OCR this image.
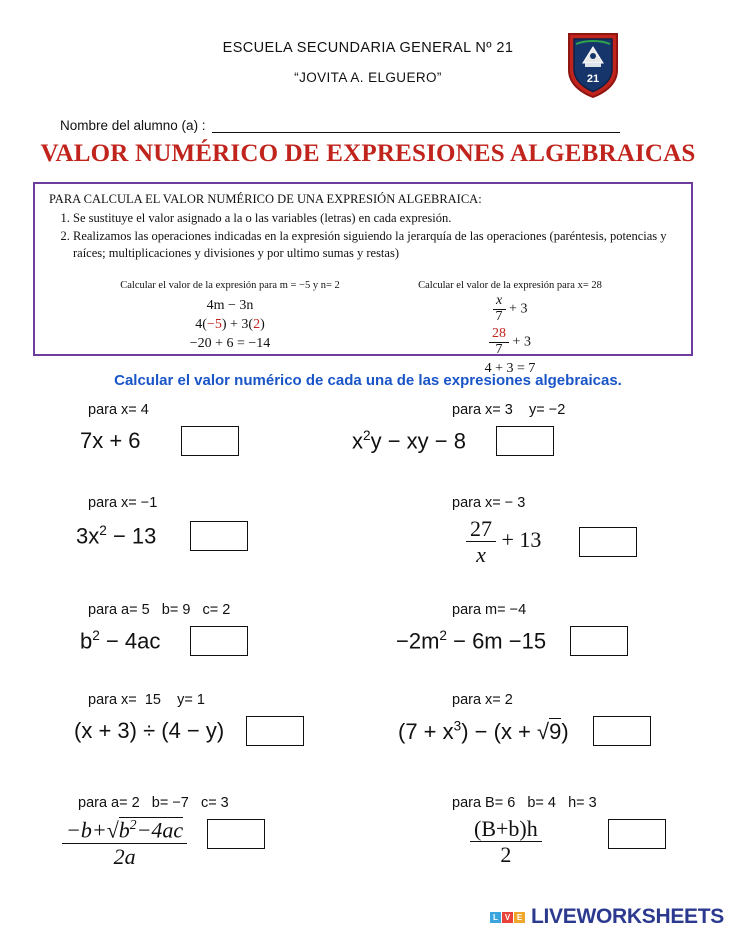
ESCUELA SECUNDARIA GENERAL Nº 21
“JOVITA A. ELGUERO”	21
Nombre del alumno (a) :
VALOR NUMÉRICO DE EXPRESIONES ALGEBRAICAS
PARA CALCULA EL VALOR NUMÉRICO DE UNA EXPRESIÓN ALGEBRAICA:
1. Se sustituye el valor asignado a la o las variables (letras) en cada expresión.
2. Realizamos las operaciones indicadas en la expresión siguiendo la jerarquía de las operaciones (paréntesis, potencias y raíces; multiplicaciones y divisiones y por ultimo sumas y restas)
Calcular el valor de la expresión para m = −5 y n= 2
4m − 3n
4(−5) + 3(2)
−20 + 6 = −14
Calcular el valor de la expresión para x= 28
$\frac{x}{7} + 3$
$\frac{28}{7} + 3$
4 + 3 = 7
Calcular el valor numérico de cada una de las expresiones algebraicas.
para x= 4
7x + 6
para x= 3    y= −2
$x^2y$ − xy − 8
para x= −1
$3x^2 - 13$
para x= − 3
$\frac{27}{x} + 13$
para a= 5   b= 9   c= 2
$b^2 - 4ac$
para m= −4
$-2m^2 - 6m -15$
para x=  15    y= 1
(x + 3) ÷ (4 − y)
para x= 2
$(7 + x^3) - (x + √9)$
para a= 2   b= −7   c= 3
$\frac{-b+√b^2-4ac}{2a}$
para B= 6   b= 4   h= 3
$\frac{(B+b)h}{2}$
L V E LIVEWORKSHEETS
